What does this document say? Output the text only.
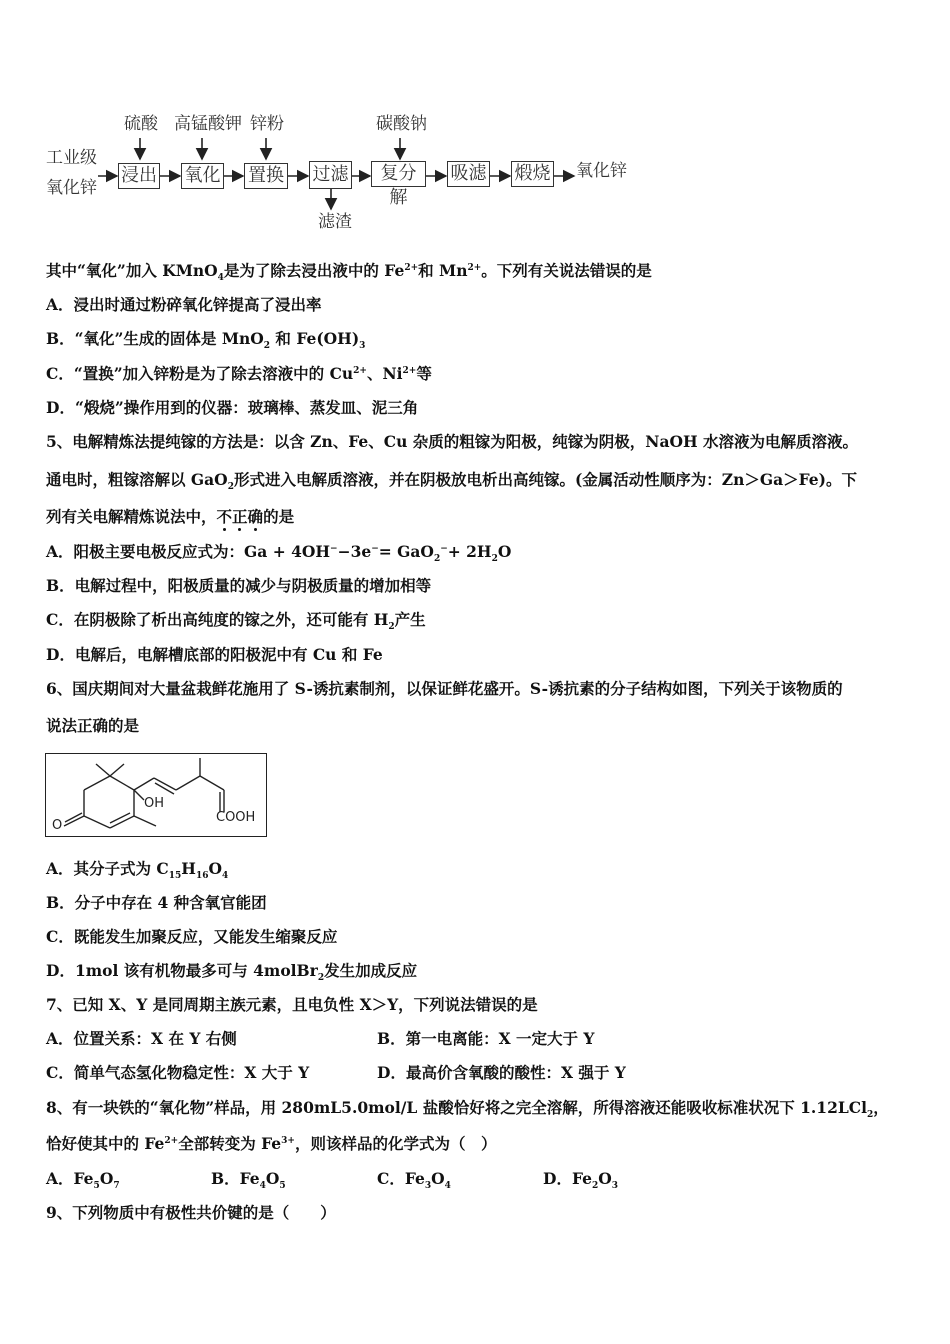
工业级
氧化锌
硫酸 高锰酸钾 锌粉	碳酸钠
浸出 氧化 置换 过滤	复分解
吸滤 煅烧
滤渣
氧化锌
其中“氧化”加入 KMnO$_4$是为了除去浸出液中的 $Fe^{2+}$和 $Mn^{2+}$。下列有关说法错误的是
A．浸出时通过粉碎氧化锌提高了浸出率
B．“氧化”生成的固体是 MnO$_2$ 和 $Fe(OH)_3$
C．“置换”加入锌粉是为了除去溶液中的 $Cu^{2+}$、$Ni^{2+}$等
D．“煅烧”操作用到的仪器：玻璃棒、蒸发皿、泥三角
5、电解精炼法提纯镓的方法是：以含 Zn、Fe、Cu 杂质的粗镓为阳极，纯镓为阴极，NaOH 水溶液为电解质溶液。
通电时，粗镓溶解以 GaO$_2$形式进入电解质溶液，并在阴极放电析出高纯镓。(金属活动性顺序为：Zn＞Ga＞Fe)。下
列有关电解精炼说法中，不正确的是
A．阳极主要电极反应式为：$Ga + 4OH^--3e^-= GaO_2^-+ 2H_2O$
B．电解过程中，阳极质量的减少与阴极质量的增加相等
C．在阴极除了析出高纯度的镓之外，还可能有 $H_2$产生
D．电解后，电解槽底部的阳极泥中有 Cu 和 Fe
6、国庆期间对大量盆栽鲜花施用了 S-诱抗素制剂，以保证鲜花盛开。S-诱抗素的分子结构如图，下列关于该物质的
说法正确的是
OH
COOH
O
A．其分子式为 $C_{15}H_{16}O_4$
B．分子中存在 4 种含氧官能团
C．既能发生加聚反应，又能发生缩聚反应
D．1mol 该有机物最多可与 4molBr$_2$发生加成反应
7、已知 X、Y 是同周期主族元素，且电负性 X＞Y，下列说法错误的是
A．位置关系：X 在 Y 右侧	B．第一电离能：X 一定大于 Y
C．简单气态氢化物稳定性：X 大于 Y	D．最高价含氧酸的酸性：X 强于 Y
8、有一块铁的“氧化物”样品，用 280mL5.0mol/L 盐酸恰好将之完全溶解，所得溶液还能吸收标准状况下 1.12LCl$_2$，
恰好使其中的 $Fe^{2+}$全部转变为 $Fe^{3+}$，则该样品的化学式为（　）
A．$Fe_5O_7$	B．$Fe_4O_5$	C．$Fe_3O_4$	D．$Fe_2O_3$
9、下列物质中有极性共价键的是（　　）
